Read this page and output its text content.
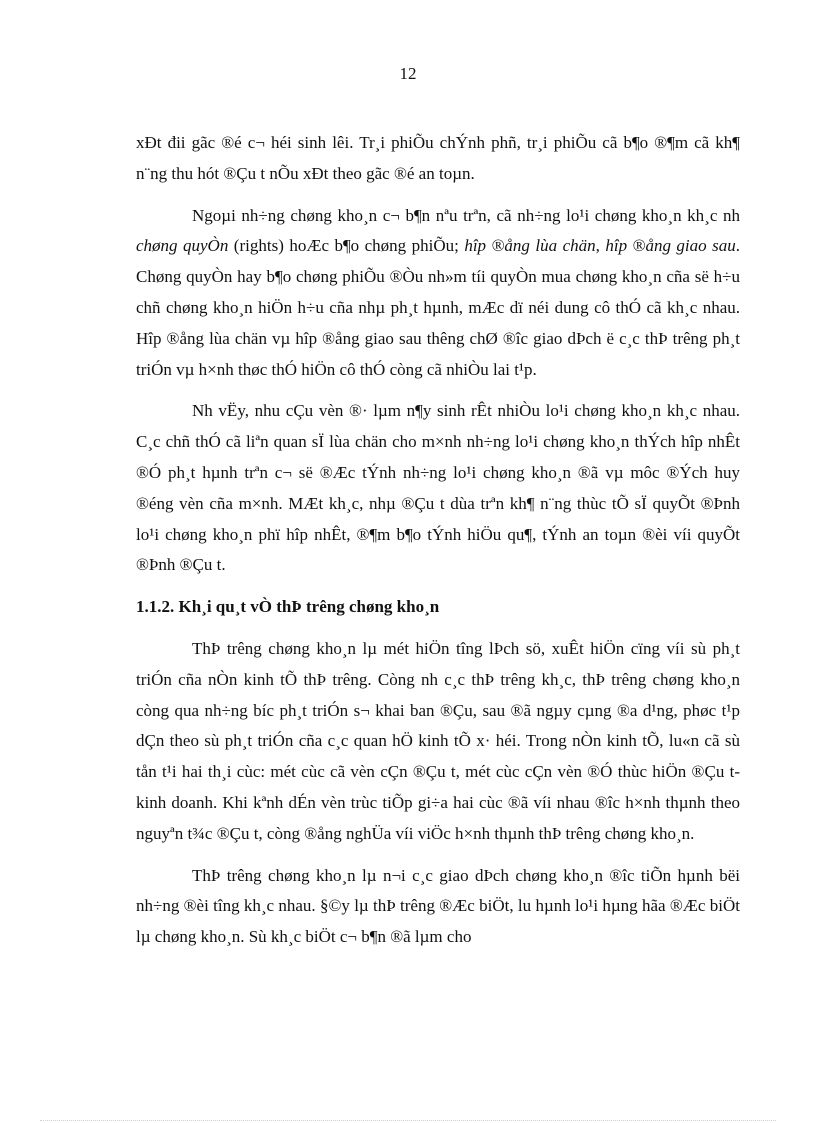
12

xÐt đii gãc ®é c¬ héi sinh lêi. Tr¸i phiÕu chÝnh phñ, tr¸i phiÕu cã b¶o ®¶m cã kh¶ n¨ng thu hót ®Çu t nÕu xÐt theo gãc ®é an toµn.

Ngoµi nh÷ng chøng kho¸n c¬ b¶n nªu trªn, cã nh÷ng lo¹i chøng kho¸n kh¸c nh chøng quyÒn (rights) hoÆc b¶o chøng phiÕu; hîp ®ång lùa chän, hîp ®ång giao sau. Chøng quyÒn hay b¶o chøng phiÕu ®Òu nh»m tíi quyÒn mua chøng kho¸n cña së h÷u chñ chøng kho¸n hiÖn h÷u cña nhµ ph¸t hµnh, mÆc dï néi dung cô thÓ cã kh¸c nhau. Hîp ®ång lùa chän vµ hîp ®ång giao sau thêng chØ ®îc giao dÞch ë c¸c thÞ trêng ph¸t triÓn vµ h×nh thøc thÓ hiÖn cô thÓ còng cã nhiÒu lai t¹p.

Nh vËy, nhu cÇu vèn ®· lµm n¶y sinh rÊt nhiÒu lo¹i chøng kho¸n kh¸c nhau. C¸c chñ thÓ cã liªn quan sÏ lùa chän cho m×nh nh÷ng lo¹i chøng kho¸n thÝch hîp nhÊt ®Ó ph¸t hµnh trªn c¬ së ®Æc tÝnh nh÷ng lo¹i chøng kho¸n ®ã vµ môc ®Ých huy ®éng vèn cña m×nh. MÆt kh¸c, nhµ ®Çu t dùa trªn kh¶ n¨ng thùc tÕ sÏ quyÕt ®Þnh lo¹i chøng kho¸n phï hîp nhÊt, ®¶m b¶o tÝnh hiÖu qu¶, tÝnh an toµn ®èi víi quyÕt ®Þnh ®Çu t.

1.1.2. Kh¸i qu¸t vÒ thÞ trêng chøng kho¸n

ThÞ trêng chøng kho¸n lµ mét hiÖn tîng lÞch sö, xuÊt hiÖn cïng víi sù ph¸t triÓn cña nÒn kinh tÕ thÞ trêng. Còng nh c¸c thÞ trêng kh¸c, thÞ trêng chøng kho¸n còng qua nh÷ng bíc ph¸t triÓn s¬ khai ban ®Çu, sau ®ã ngµy cµng ®a d¹ng, phøc t¹p dÇn theo sù ph¸t triÓn cña c¸c quan hÖ kinh tÕ x· héi. Trong nÒn kinh tÕ, lu«n cã sù tån t¹i hai th¸i cùc: mét cùc cã vèn cÇn ®Çu t, mét cùc cÇn vèn ®Ó thùc hiÖn ®Çu t kinh doanh. Khi kªnh dÉn vèn trùc tiÕp gi÷a hai cùc ®ã víi nhau ®îc h×nh thµnh theo nguyªn t¾c ®Çu t, còng ®ång nghÜa víi viÖc h×nh thµnh thÞ trêng chøng kho¸n.

ThÞ trêng chøng kho¸n lµ n¬i c¸c giao dÞch chøng kho¸n ®îc tiÕn hµnh bëi nh÷ng ®èi tîng kh¸c nhau. §©y lµ thÞ trêng ®Æc biÖt, lu hµnh lo¹i hµng hãa ®Æc biÖt lµ chøng kho¸n. Sù kh¸c biÖt c¬ b¶n ®ã lµm cho
